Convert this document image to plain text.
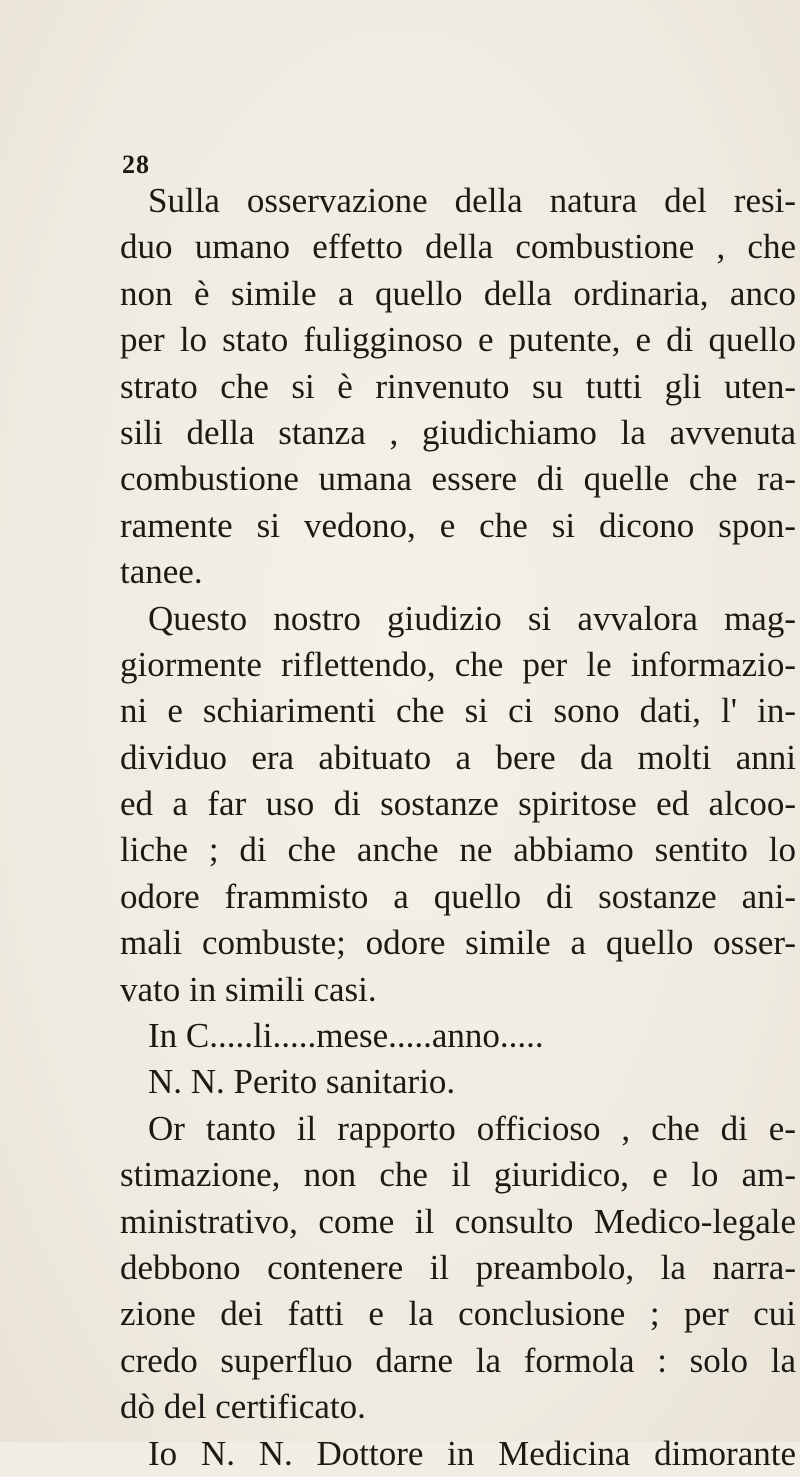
28
Sulla osservazione della natura del resi-
duo umano effetto della combustione , che
non è simile a quello della ordinaria, anco
per lo stato fuligginoso e putente, e di quello
strato che si è rinvenuto su tutti gli uten-
sili della stanza , giudichiamo la avvenuta
combustione umana essere di quelle che ra-
ramente si vedono, e che si dicono spon-
tanee.
Questo nostro giudizio si avvalora mag-
giormente riflettendo, che per le informazio-
ni e schiarimenti che si ci sono dati, l' in-
dividuo era abituato a bere da molti anni
ed a far uso di sostanze spiritose ed alcoo-
liche ; di che anche ne abbiamo sentito lo
odore frammisto a quello di sostanze ani-
mali combuste; odore simile a quello osser-
vato in simili casi.
In C.....li.....mese.....anno.....
N. N. Perito sanitario.
Or tanto il rapporto officioso , che di e-
stimazione, non che il giuridico, e lo am-
ministrativo, come il consulto Medico-legale
debbono contenere il preambolo, la narra-
zione dei fatti e la conclusione ; per cui
credo superfluo darne la formola : solo la
dò del certificato.
Io N. N. Dottore in Medicina dimorante
